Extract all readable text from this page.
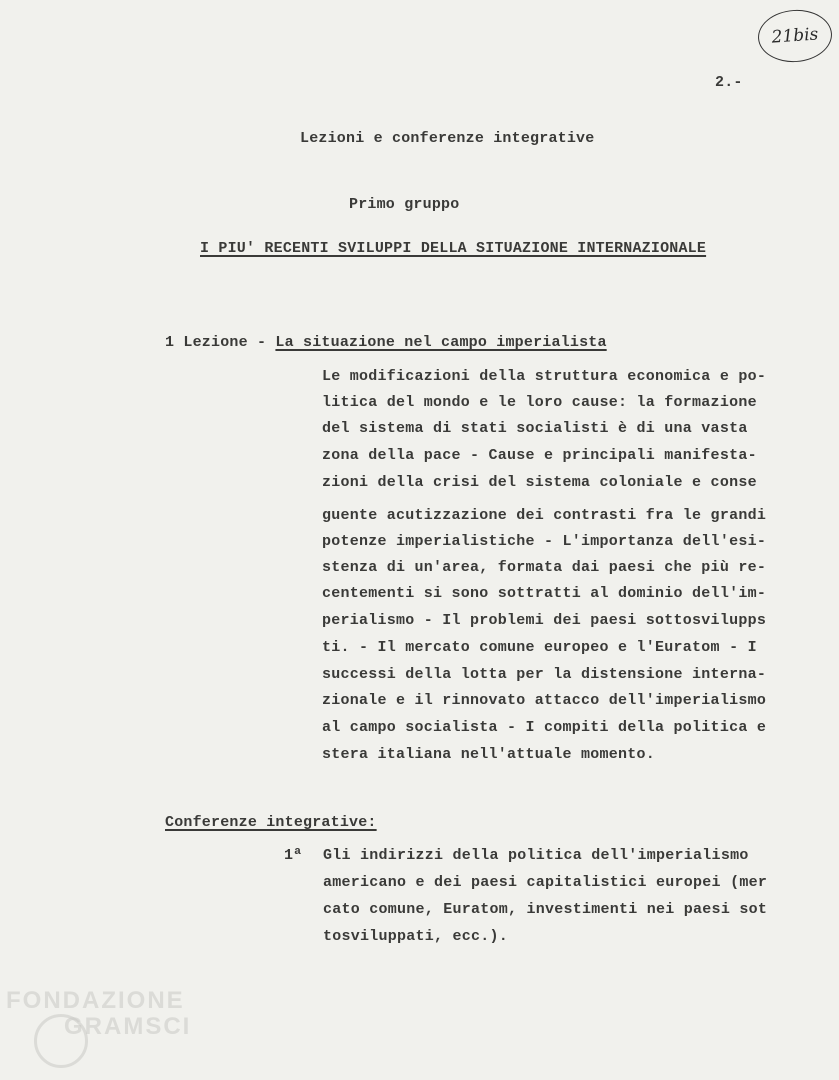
21bis
2.-
Lezioni e conferenze integrative
Primo gruppo
I PIU' RECENTI SVILUPPI DELLA SITUAZIONE INTERNAZIONALE
1 Lezione - La situazione nel campo imperialista
Le modificazioni della struttura economica e po-
litica del mondo e le loro cause: la formazione
del sistema di stati socialisti è di una vasta
zona della pace - Cause e principali manifesta-
zioni della crisi del sistema coloniale e conse
guente acutizzazione dei contrasti fra le grandi
potenze imperialistiche - L'importanza dell'esi-
stenza di un'area, formata dai paesi che più re-
centementi si sono sottratti al dominio dell'im-
perialismo - Il problemi dei paesi sottosvilupps
ti. - Il mercato comune europeo e l'Euratom - I
successi della lotta per la distensione interna-
zionale e il rinnovato attacco dell'imperialismo
al campo socialista - I compiti della politica e
stera italiana nell'attuale momento.
Conferenze integrative:
1ª Gli indirizzi della politica dell'imperialismo
americano e dei paesi capitalistici europei (mer
cato comune, Euratom, investimenti nei paesi sot
tosviluppati, ecc.).
FONDAZIONE
GRAMSCI
